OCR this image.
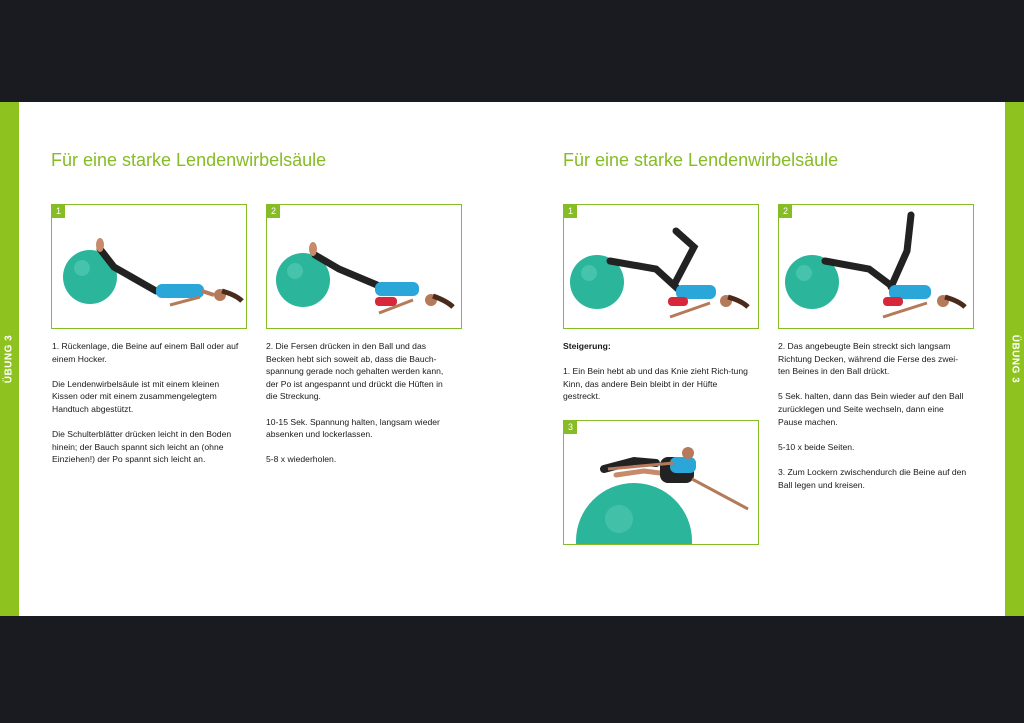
ÜBUNG 3	ÜBUNG 3
Für eine starke Lendenwirbelsäule
1	2

1. Rückenlage, die Beine auf einem Ball oder auf einem Hocker.

Die Lendenwirbelsäule ist mit einem kleinen Kissen oder mit einem zusammengelegtem Handtuch abgestützt.

Die Schulterblätter drücken leicht in den Boden hinein; der Bauch spannt sich leicht an (ohne Einziehen!) der Po spannt sich leicht an.

2. Die Fersen drücken in den Ball und das Becken hebt sich soweit ab, dass die Bauch-spannung gerade noch gehalten werden kann, der Po ist angespannt und drückt die Hüften in die Streckung.

10-15 Sek. Spannung halten, langsam wieder absenken und lockerlassen.

5-8 x wiederholen.

Für eine starke Lendenwirbelsäule
1	2
3

Steigerung:

1. Ein Bein hebt ab und das Knie zieht Rich-tung Kinn, das andere Bein bleibt in der Hüfte gestreckt.

2. Das angebeugte Bein streckt sich langsam Richtung Decken, während die Ferse des zwei-ten Beines in den Ball drückt.

5 Sek. halten, dann das Bein wieder auf den Ball zurücklegen und Seite wechseln, dann eine Pause machen.

5-10 x beide Seiten.

3. Zum Lockern zwischendurch die Beine auf den Ball legen und kreisen.
